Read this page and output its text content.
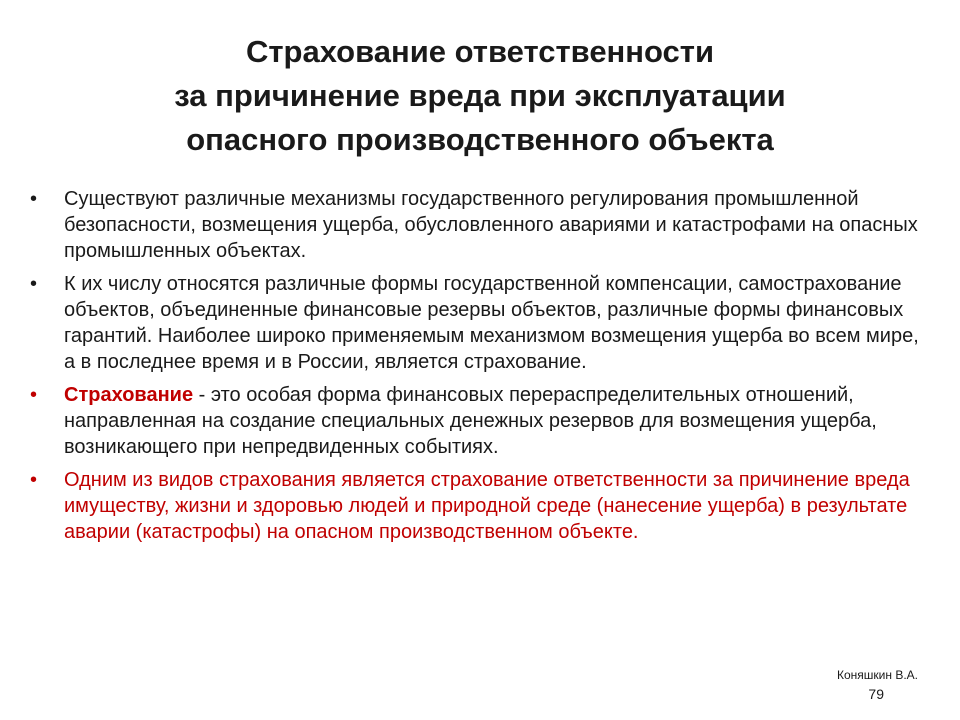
Страхование ответственности
за причинение вреда при эксплуатации
опасного производственного объекта
• Существуют различные механизмы государственного регулирования промышленной безопасности, возмещения ущерба, обусловленного авариями и катастрофами на опасных промышленных объектах.
• К их числу относятся различные формы государственной компенсации, самострахование объектов, объединенные финансовые резервы объектов, различные формы финансовых гарантий. Наиболее широко применяемым механизмом возмещения ущерба во всем мире, а в последнее время и в России, является страхование.
• Страхование - это особая форма финансовых перераспределительных отношений, направленная на создание специальных денежных резервов для возмещения ущерба, возникающего при непредвиденных событиях.
• Одним из видов страхования является страхование ответственности за причинение вреда имуществу, жизни и здоровью людей и природной среде (нанесение ущерба) в результате аварии (катастрофы) на опасном производственном объекте.
Коняшкин В.А.
79
